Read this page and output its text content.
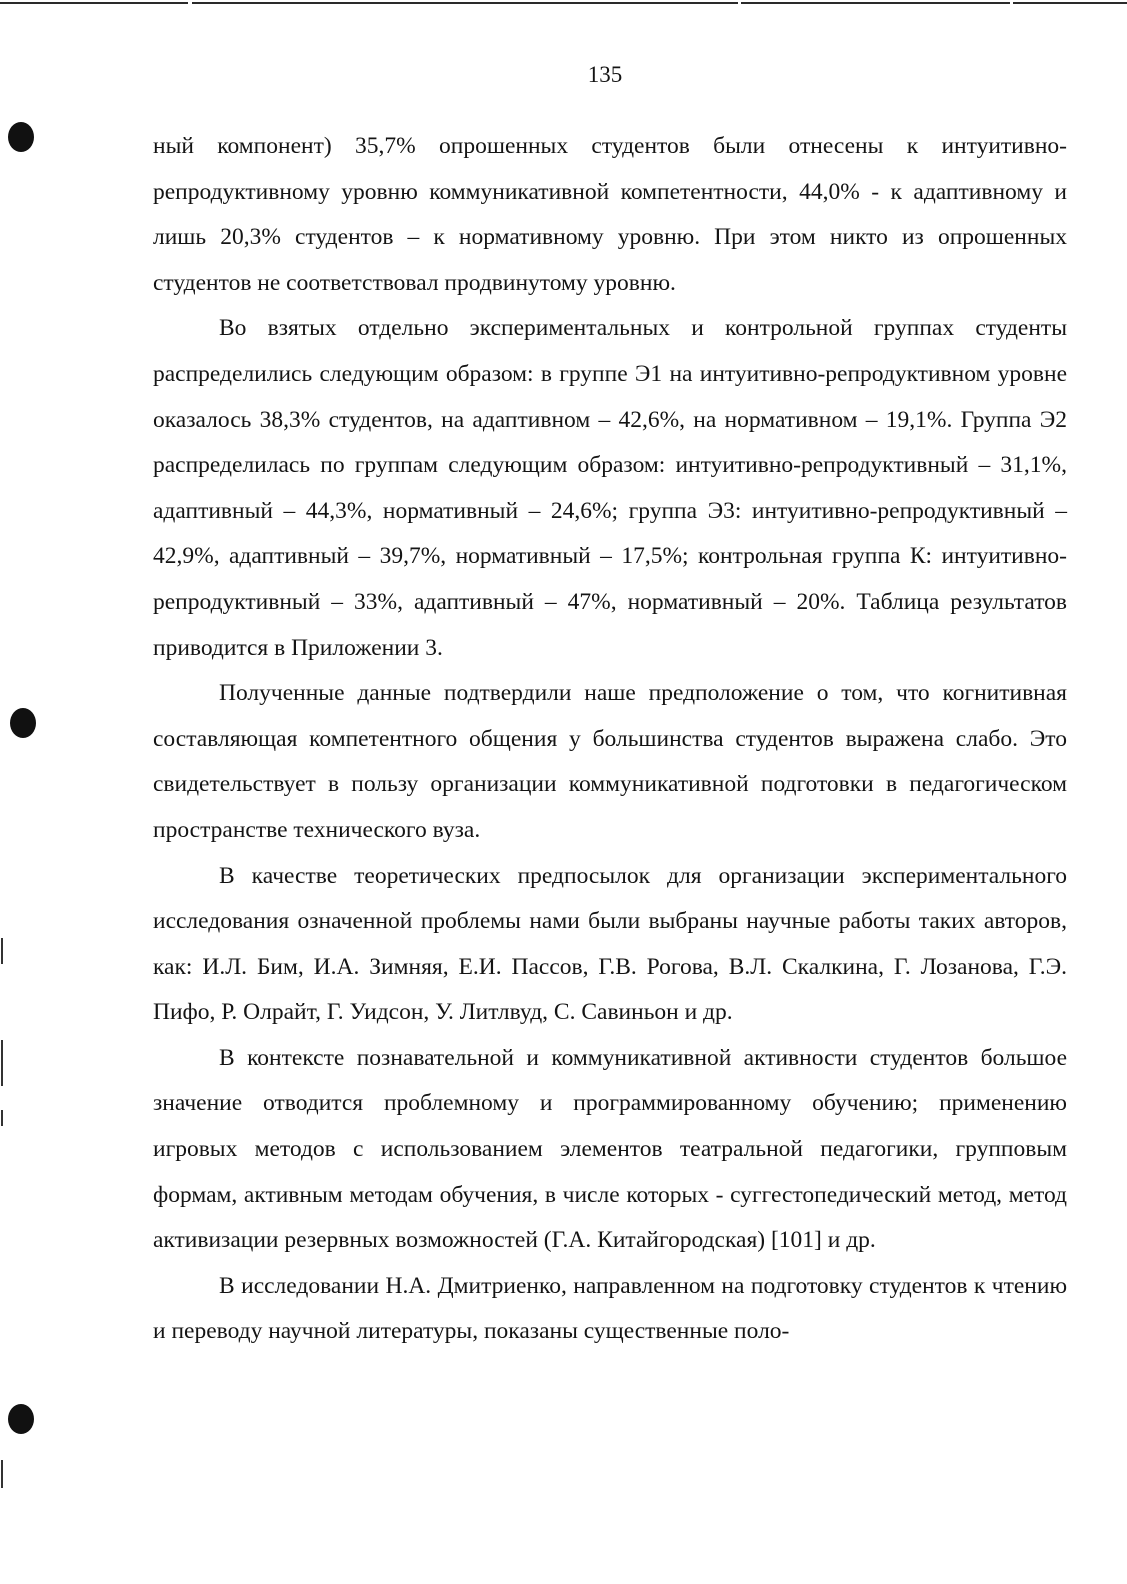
135

ный компонент) 35,7% опрошенных студентов были отнесены к интуитивно-репродуктивному уровню коммуникативной компетентности, 44,0% - к адаптивному и лишь 20,3% студентов – к нормативному уровню. При этом никто из опрошенных студентов не соответствовал продвинутому уровню.

Во взятых отдельно экспериментальных и контрольной группах студенты распределились следующим образом: в группе Э1 на интуитивно-репродуктивном уровне оказалось 38,3% студентов, на адаптивном – 42,6%, на нормативном – 19,1%. Группа Э2 распределилась по группам следующим образом: интуитивно-репродуктивный – 31,1%, адаптивный – 44,3%, нормативный – 24,6%; группа Э3: интуитивно-репродуктивный – 42,9%, адаптивный – 39,7%, нормативный – 17,5%; контрольная группа К: интуитивно-репродуктивный – 33%, адаптивный – 47%, нормативный – 20%. Таблица результатов приводится в Приложении 3.

Полученные данные подтвердили наше предположение о том, что когнитивная составляющая компетентного общения у большинства студентов выражена слабо. Это свидетельствует в пользу организации коммуникативной подготовки в педагогическом пространстве технического вуза.

В качестве теоретических предпосылок для организации экспериментального исследования означенной проблемы нами были выбраны научные работы таких авторов, как: И.Л. Бим, И.А. Зимняя, Е.И. Пассов, Г.В. Рогова, В.Л. Скалкина, Г. Лозанова, Г.Э. Пифо, Р. Олрайт, Г. Уидсон, У. Литлвуд, С. Савиньон и др.

В контексте познавательной и коммуникативной активности студентов большое значение отводится проблемному и программированному обучению; применению игровых методов с использованием элементов театральной педагогики, групповым формам, активным методам обучения, в числе которых - суггестопедический метод, метод активизации резервных возможностей (Г.А. Китайгородская) [101] и др.

В исследовании Н.А. Дмитриенко, направленном на подготовку студентов к чтению и переводу научной литературы, показаны существенные поло-
